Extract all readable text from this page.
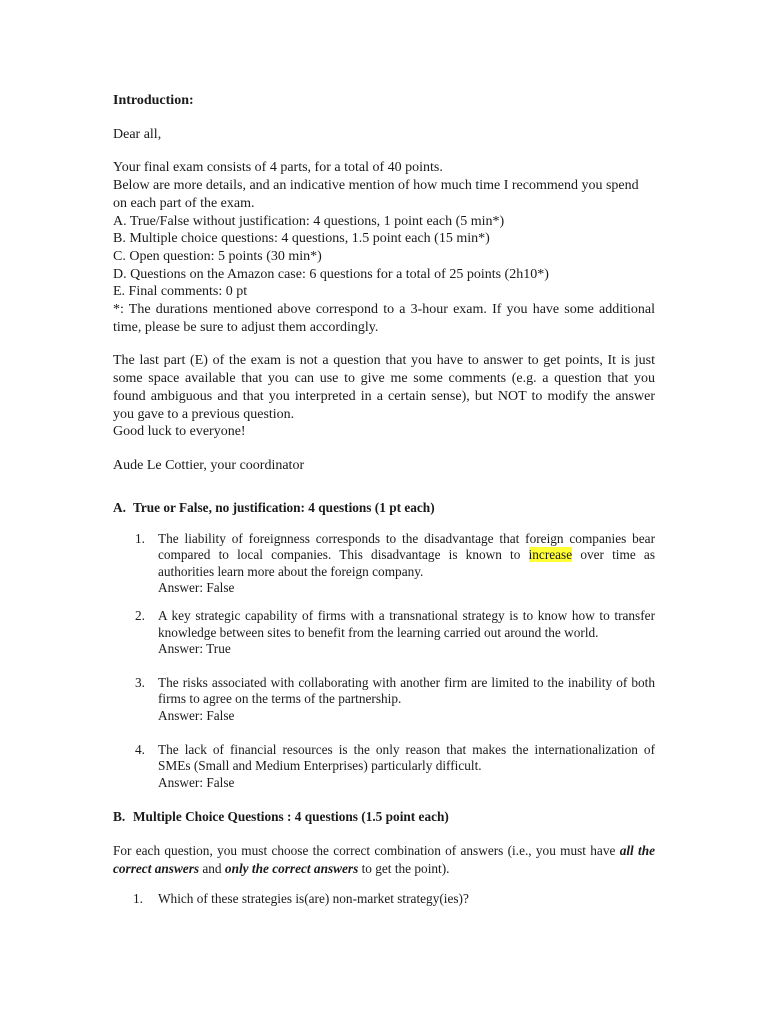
Introduction:

Dear all,

Your final exam consists of 4 parts, for a total of 40 points.

Below are more details, and an indicative mention of how much time I recommend you spend on each part of the exam.

A. True/False without justification: 4 questions, 1 point each (5 min*)

B. Multiple choice questions: 4 questions, 1.5 point each (15 min*)

C. Open question: 5 points (30 min*)

D. Questions on the Amazon case: 6 questions for a total of 25 points (2h10*)

E. Final comments: 0 pt

*: The durations mentioned above correspond to a 3-hour exam. If you have some additional time, please be sure to adjust them accordingly.

The last part (E) of the exam is not a question that you have to answer to get points, It is just some space available that you can use to give me some comments (e.g. a question that you found ambiguous and that you interpreted in a certain sense), but NOT to modify the answer you gave to a previous question.

Good luck to everyone!

Aude Le Cottier, your coordinator

A. True or False, no justification: 4 questions (1 pt each)

1. The liability of foreignness corresponds to the disadvantage that foreign companies bear compared to local companies. This disadvantage is known to increase over time as authorities learn more about the foreign company.
Answer: False
2. A key strategic capability of firms with a transnational strategy is to know how to transfer knowledge between sites to benefit from the learning carried out around the world.
Answer: True
3. The risks associated with collaborating with another firm are limited to the inability of both firms to agree on the terms of the partnership.
Answer: False
4. The lack of financial resources is the only reason that makes the internationalization of SMEs (Small and Medium Enterprises) particularly difficult.
Answer: False

B. Multiple Choice Questions : 4 questions (1.5 point each)

For each question, you must choose the correct combination of answers (i.e., you must have all the correct answers and only the correct answers to get the point).

1. Which of these strategies is(are) non-market strategy(ies)?
